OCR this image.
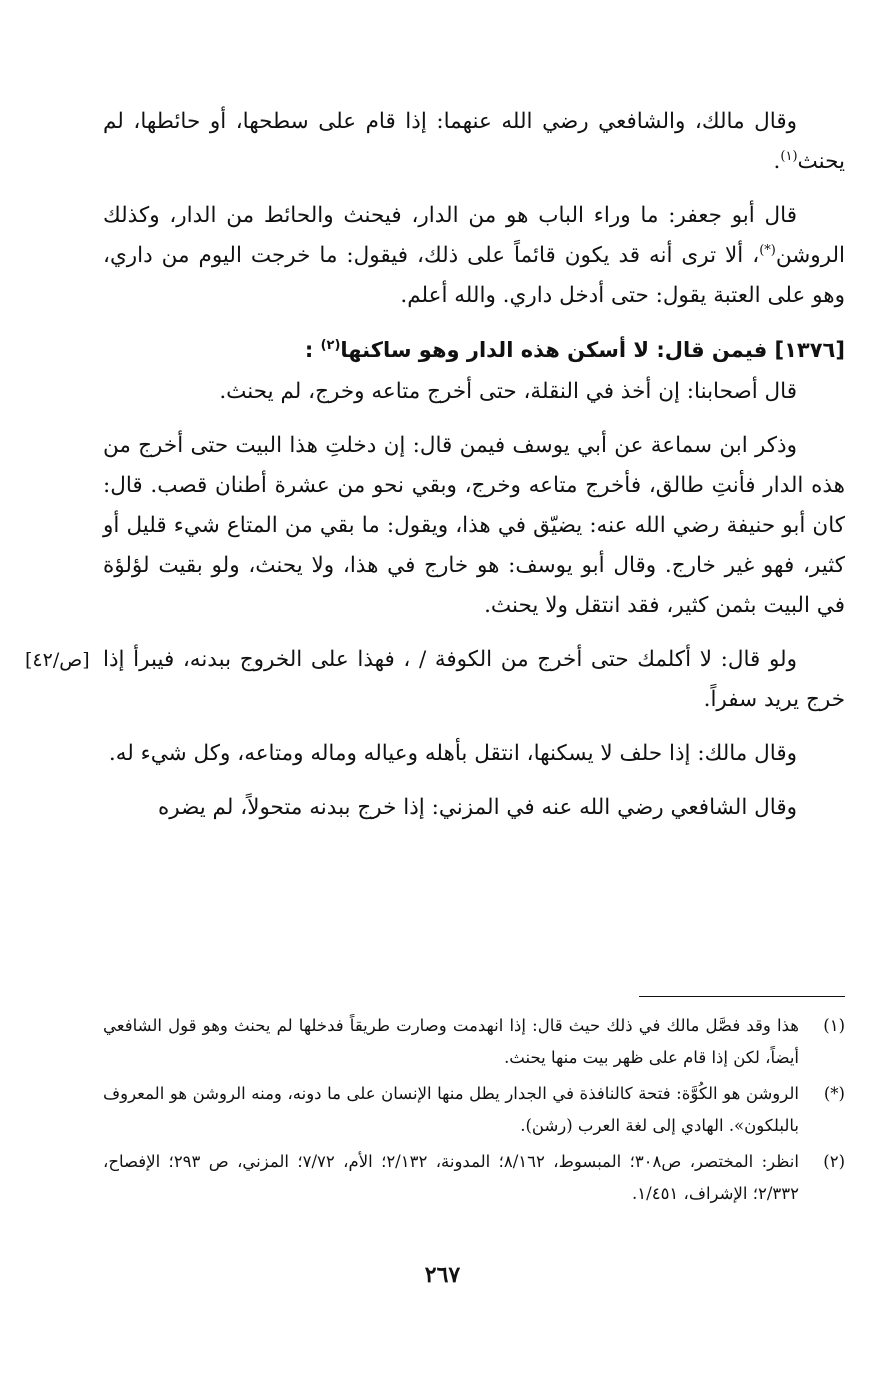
وقال مالك، والشافعي رضي الله عنهما: إذا قام على سطحها، أو حائطها، لم يحنث$^{(١)}$.

قال أبو جعفر: ما وراء الباب هو من الدار، فيحنث والحائط من الدار، وكذلك الروشن(*)، ألا ترى أنه قد يكون قائماً على ذلك، فيقول: ما خرجت اليوم من داري، وهو على العتبة يقول: حتى أدخل داري. والله أعلم.

[١٣٧٦] فيمن قال: لا أسكن هذه الدار وهو ساكنها$^{(٢)}$ :

قال أصحابنا: إن أخذ في النقلة، حتى أخرج متاعه وخرج، لم يحنث.

وذكر ابن سماعة عن أبي يوسف فيمن قال: إن دخلتِ هذا البيت حتى أخرج من هذه الدار فأنتِ طالق، فأخرج متاعه وخرج، وبقي نحو من عشرة أطنان قصب. قال: كان أبو حنيفة رضي الله عنه: يضيّق في هذا، ويقول: ما بقي من المتاع شيء قليل أو كثير، فهو غير خارج. وقال أبو يوسف: هو خارج في هذا، ولا يحنث، ولو بقيت لؤلؤة في البيت بثمن كثير، فقد انتقل ولا يحنث.

[ص/٤٢] ولو قال: لا أكلمك حتى أخرج من الكوفة / ، فهذا على الخروج ببدنه، فيبرأ إذا خرج يريد سفراً.

وقال مالك: إذا حلف لا يسكنها، انتقل بأهله وعياله وماله ومتاعه، وكل شيء له.

وقال الشافعي رضي الله عنه في المزني: إذا خرج ببدنه متحولاً، لم يضره

(١)
هذا وقد فصَّل مالك في ذلك حيث قال: إذا انهدمت وصارت طريقاً فدخلها لم يحنث وهو قول الشافعي أيضاً، لكن إذا قام على ظهر بيت منها يحنث.
(*)
الروشن هو الكُوَّة: فتحة كالنافذة في الجدار يطل منها الإنسان على ما دونه، ومنه الروشن هو المعروف بالبلكون». الهادي إلى لغة العرب (رشن).
(٢)
انظر: المختصر، ص٣٠٨؛ المبسوط، ٨/١٦٢؛ المدونة، ٢/١٣٢؛ الأم، ٧/٧٢؛ المزني، ص ٢٩٣؛ الإفصاح، ٢/٣٣٢؛ الإشراف، ١/٤٥١.
٢٦٧
